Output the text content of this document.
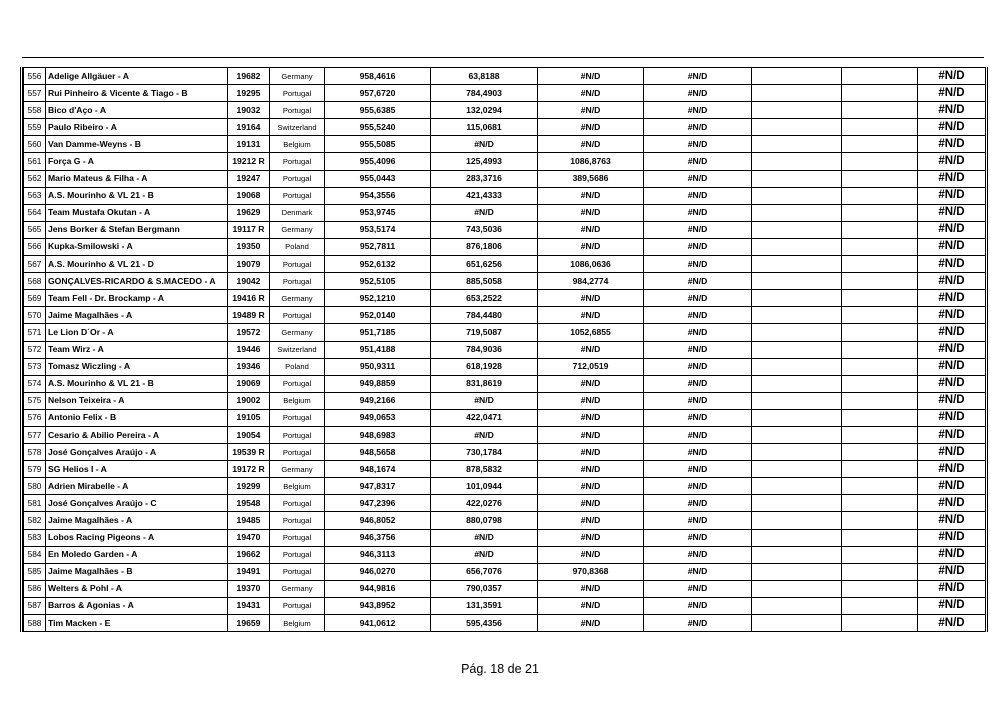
556	Adelige Allgäuer - A	19682	Germany	958,4616	63,8188	#N/D	#N/D			#N/D
557	Rui Pinheiro & Vicente & Tiago - B	19295	Portugal	957,6720	784,4903	#N/D	#N/D			#N/D
558	Bico d'Aço - A	19032	Portugal	955,6385	132,0294	#N/D	#N/D			#N/D
559	Paulo Ribeiro - A	19164	Switzerland	955,5240	115,0681	#N/D	#N/D			#N/D
560	Van Damme-Weyns - B	19131	Belgium	955,5085	#N/D	#N/D	#N/D			#N/D
561	Força G - A	19212 R	Portugal	955,4096	125,4993	1086,8763	#N/D			#N/D
562	Mario Mateus & Filha - A	19247	Portugal	955,0443	283,3716	389,5686	#N/D			#N/D
563	A.S. Mourinho & VL 21 - B	19068	Portugal	954,3556	421,4333	#N/D	#N/D			#N/D
564	Team Mustafa Okutan - A	19629	Denmark	953,9745	#N/D	#N/D	#N/D			#N/D
565	Jens Borker & Stefan Bergmann	19117 R	Germany	953,5174	743,5036	#N/D	#N/D			#N/D
566	Kupka-Smilowski - A	19350	Poland	952,7811	876,1806	#N/D	#N/D			#N/D
567	A.S. Mourinho & VL 21 - D	19079	Portugal	952,6132	651,6256	1086,0636	#N/D			#N/D
568	GONÇALVES-RICARDO & S.MACEDO - A	19042	Portugal	952,5105	885,5058	984,2774	#N/D			#N/D
569	Team Fell - Dr. Brockamp - A	19416 R	Germany	952,1210	653,2522	#N/D	#N/D			#N/D
570	Jaime Magalhães - A	19489 R	Portugal	952,0140	784,4480	#N/D	#N/D			#N/D
571	Le Lion D´Or - A	19572	Germany	951,7185	719,5087	1052,6855	#N/D			#N/D
572	Team Wirz - A	19446	Switzerland	951,4188	784,9036	#N/D	#N/D			#N/D
573	Tomasz Wiczling - A	19346	Poland	950,9311	618,1928	712,0519	#N/D			#N/D
574	A.S. Mourinho & VL 21 - B	19069	Portugal	949,8859	831,8619	#N/D	#N/D			#N/D
575	Nelson Teixeira - A	19002	Belgium	949,2166	#N/D	#N/D	#N/D			#N/D
576	Antonio Felix - B	19105	Portugal	949,0653	422,0471	#N/D	#N/D			#N/D
577	Cesario & Abilio Pereira - A	19054	Portugal	948,6983	#N/D	#N/D	#N/D			#N/D
578	José Gonçalves Araújo - A	19539 R	Portugal	948,5658	730,1784	#N/D	#N/D			#N/D
579	SG Helios I - A	19172 R	Germany	948,1674	878,5832	#N/D	#N/D			#N/D
580	Adrien Mirabelle - A	19299	Belgium	947,8317	101,0944	#N/D	#N/D			#N/D
581	José Gonçalves Araújo - C	19548	Portugal	947,2396	422,0276	#N/D	#N/D			#N/D
582	Jaime Magalhães - A	19485	Portugal	946,8052	880,0798	#N/D	#N/D			#N/D
583	Lobos Racing Pigeons - A	19470	Portugal	946,3756	#N/D	#N/D	#N/D			#N/D
584	En Moledo Garden - A	19662	Portugal	946,3113	#N/D	#N/D	#N/D			#N/D
585	Jaime Magalhães - B	19491	Portugal	946,0270	656,7076	970,8368	#N/D			#N/D
586	Welters & Pohl - A	19370	Germany	944,9816	790,0357	#N/D	#N/D			#N/D
587	Barros & Agonias - A	19431	Portugal	943,8952	131,3591	#N/D	#N/D			#N/D
588	Tim Macken - E	19659	Belgium	941,0612	595,4356	#N/D	#N/D			#N/D
Pág. 18 de 21
